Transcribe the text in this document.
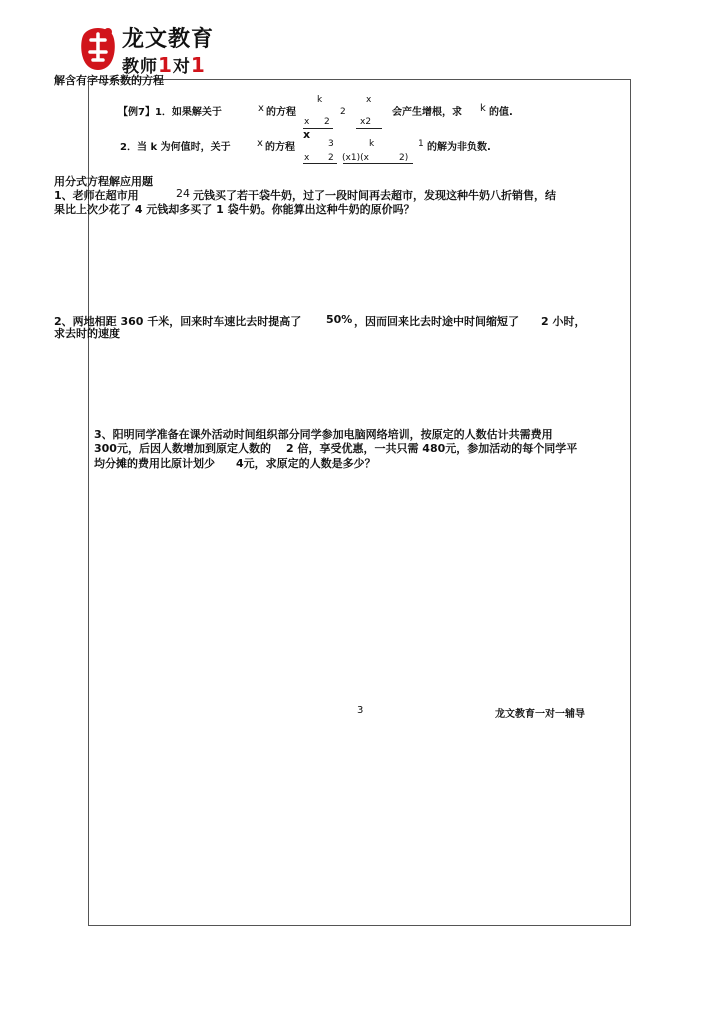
龙文教育
教师1对1
解含有字母系数的方程
【例7】1．如果解关于	x 的方程
k
2
x
x 2	x2
会产生增根，求 k 的值.
2．当 k 为何值时，关于	x 的方程
x
3	k	1
x 2 (x1)(x	2)
的解为非负数.
用分式方程解应用题
1、老师在超市用	24 元钱买了若干袋牛奶，过了一段时间再去超市，发现这种牛奶八折销售，结
果比上次少花了 4 元钱却多买了 1 袋牛奶。你能算出这种牛奶的原价吗？
2、两地相距 360 千米，回来时车速比去时提高了 50% ，因而回来比去时途中时间缩短了 2 小时，
求去时的速度
3、阳明同学准备在课外活动时间组织部分同学参加电脑网络培训，按原定的人数估计共需费用
300元，后因人数增加到原定人数的 2 倍，享受优惠，一共只需 480元，参加活动的每个同学平
均分摊的费用比原计划少 4元，求原定的人数是多少？
3	龙文教育一对一辅导
